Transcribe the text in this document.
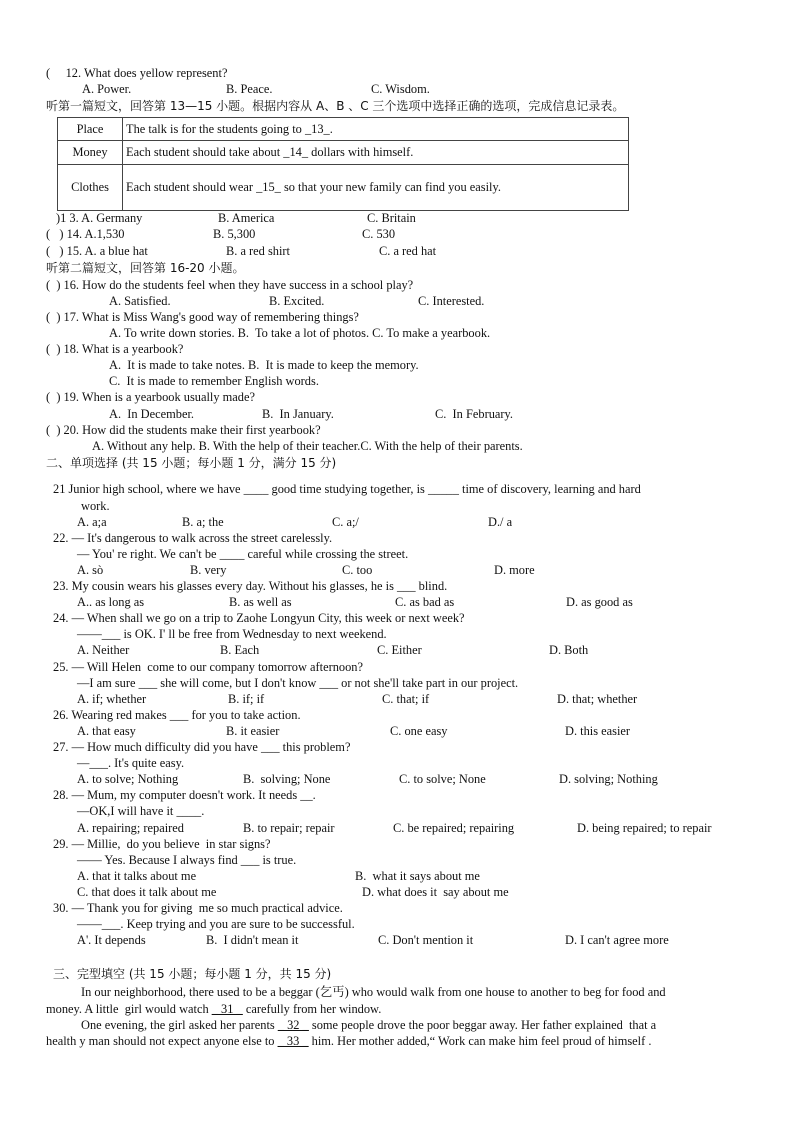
(     12. What does yellow represent?
A. Power.	B. Peace.	C. Wisdom.
听第一篇短文，回答第 13—15 小题。根据内容从 A、B 、C 三个选项中选择正确的选项，完成信息记录表。
Place	The talk is for the students going to _13_.
Money	Each student should take about _14_ dollars with himself.
Clothes	Each student should wear _15_ so that your new family can find you easily.
)1 3. A. Germany	B. America	C. Britain
(   ) 14. A.1,530	B. 5,300	C. 530
(   ) 15. A. a blue hat	B. a red shirt	C. a red hat
听第二篇短文，回答第 16-20 小题。
(  ) 16. How do the students feel when they have success in a school play?
A. Satisfied.	B. Excited.	C. Interested.
(  ) 17. What is Miss Wang's good way of remembering things?
A. To write down stories. B.  To take a lot of photos. C. To make a yearbook.
(  ) 18. What is a yearbook?
A.  It is made to take notes. B.  It is made to keep the memory.
C.  It is made to remember English words.
(  ) 19. When is a yearbook usually made?
A.  In December.	B.  In January.	C.  In February.
(  ) 20. How did the students make their first yearbook?
A. Without any help. B. With the help of their teacher.C. With the help of their parents.
二、单项选择 (共 15 小题；每小题 1 分，满分 15 分)
21 Junior high school, where we have ____ good time studying together, is _____ time of discovery, learning and hard
work.
A. a;a	B. a; the	C. a;/	D./ a
22. — It's dangerous to walk across the street carelessly.
— You' re right. We can't be ____ careful while crossing the street.
A. sò	B. very	C. too	D. more
23. My cousin wears his glasses every day. Without his glasses, he is ___ blind.
A.. as long as	B. as well as	C. as bad as	D. as good as
24. — When shall we go on a trip to Zaohe Longyun City, this week or next week?
——___ is OK. I' ll be free from Wednesday to next weekend.
A. Neither	B. Each	C. Either	D. Both
25. — Will Helen  come to our company tomorrow afternoon?
—I am sure ___ she will come, but I don't know ___ or not she'll take part in our project.
A. if; whether	B. if; if	C. that; if	D. that; whether
26. Wearing red makes ___ for you to take action.
A. that easy	B. it easier	C. one easy	D. this easier
27. — How much difficulty did you have ___ this problem?
—___. It's quite easy.
A. to solve; Nothing	B.  solving; None	C. to solve; None	D. solving; Nothing
28. — Mum, my computer doesn't work. It needs __.
—OK,I will have it ____.
A. repairing; repaired	B. to repair; repair	C. be repaired; repairing	D. being repaired; to repair
29. — Millie,  do you believe  in star signs?
—— Yes. Because I always find ___ is true.
A. that it talks about me	B.  what it says about me
C. that does it talk about me	D. what does it  say about me
30. — Thank you for giving  me so much practical advice.
——___. Keep trying and you are sure to be successful.
A'. It depends	B.  I didn't mean it	C. Don't mention it	D. I can't agree more
三、完型填空 (共 15 小题；每小题 1 分，共 15 分)
In our neighborhood, there used to be a beggar (乞丐) who would walk from one house to another to beg for food and
money. A little  girl would watch _ 31 _ carefully from her window.
One evening, the girl asked her parents _ 32 _ some people drove the poor beggar away. Her father explained  that a
health y man should not expect anyone else to _ 33 _ him. Her mother added,“ Work can make him feel proud of himself .
